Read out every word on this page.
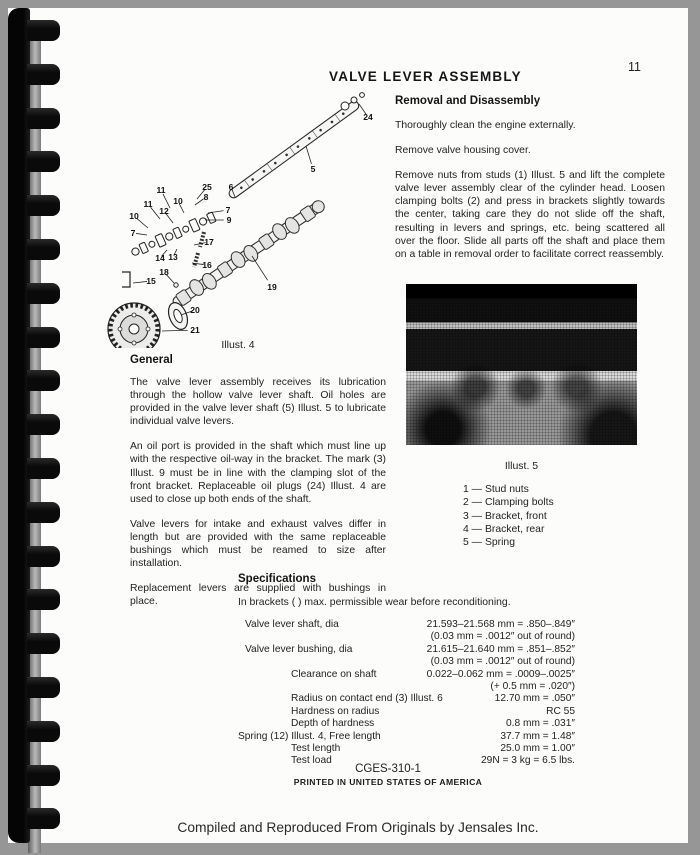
11
VALVE LEVER ASSEMBLY
24
5
6
25
8
7
9
11
10
11
12
10
7
14 13
17
16
18
15
19
20
21
Illust. 4
Removal and Disassembly

Thoroughly clean the engine externally.

Remove valve housing cover.

Remove nuts from studs (1) Illust. 5 and lift the complete valve lever assembly clear of the cylinder head. Loosen clamping bolts (2) and press in brackets slightly towards the center, taking care they do not slide off the shaft, resulting in levers and springs, etc. being scattered all over the floor. Slide all parts off the shaft and place them on a table in removal order to facilitate correct reassembly.

Illust. 5
1 — Stud nuts
2 — Clamping bolts
3 — Bracket, front
4 — Bracket, rear
5 — Spring
General

The valve lever assembly receives its lubrication through the hollow valve lever shaft. Oil holes are provided in the valve lever shaft (5) Illust. 5 to lubricate individual valve levers.

An oil port is provided in the shaft which must line up with the respective oil-way in the bracket. The mark (3) Illust. 9 must be in line with the clamping slot of the front bracket. Replaceable oil plugs (24) Illust. 4 are used to close up both ends of the shaft.

Valve levers for intake and exhaust valves differ in length but are provided with the same replaceable bushings which must be reamed to size after installation.

Replacement levers are supplied with bushings in place.

Specifications
In brackets ( ) max. permissible wear before reconditioning.
Valve lever shaft, dia	21.593–21.568 mm = .850–.849″
(0.03 mm = .0012″ out of round)
Valve lever bushing, dia	21.615–21.640 mm = .851–.852″
(0.03 mm = .0012″ out of round)
Clearance on shaft	0.022–0.062 mm = .0009–.0025″
(+ 0.5 mm = .020″)
Radius on contact end (3) Illust. 6	12.70 mm = .050″
Hardness on radius	RC 55
Depth of hardness	0.8 mm = .031″
Spring (12) Illust. 4, Free length	37.7 mm = 1.48″
Test length	25.0 mm = 1.00″
Test load	29N = 3 kg = 6.5 lbs.
CGES-310-1
PRINTED IN UNITED STATES OF AMERICA
Compiled and Reproduced From Originals by Jensales Inc.
